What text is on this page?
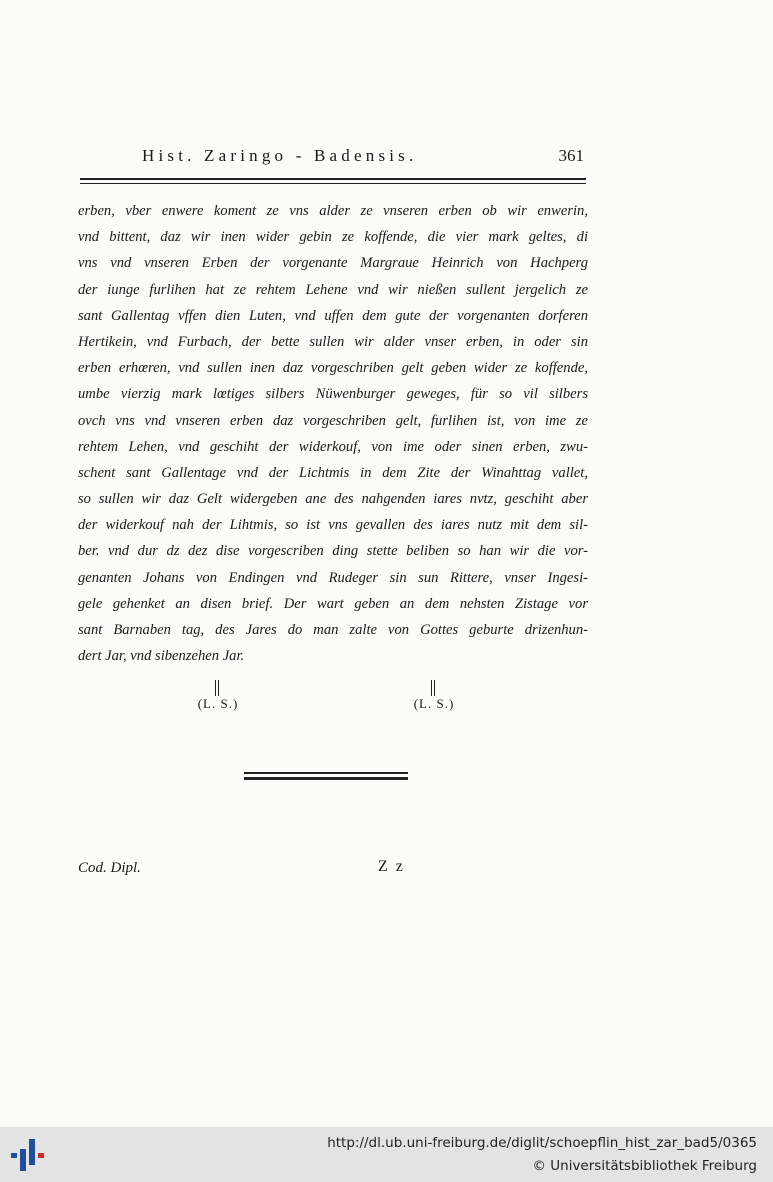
Hist. Zaringo - Badensis.	361
erben, vber enwere koment ze vns alder ze vnseren erben ob wir enwerin,
vnd bittent, daz wir inen wider gebin ze koffende, die vier mark geltes, di
vns vnd vnseren Erben der vorgenante Margraue Heinrich von Hachperg
der iunge furlihen hat ze rehtem Lehene vnd wir nießen sullent jergelich ze
sant Gallentag vffen dien Luten, vnd uffen dem gute der vorgenanten dorferen
Hertikein, vnd Furbach, der bette sullen wir alder vnser erben, in oder sin
erben erhœren, vnd sullen inen daz vorgeschriben gelt geben wider ze koffende,
umbe vierzig mark lœtiges silbers Nüwenburger geweges, für so vil silbers
ovch vns vnd vnseren erben daz vorgeschriben gelt, furlihen ist, von ime ze
rehtem Lehen, vnd geschiht der widerkouf, von ime oder sinen erben, zwu-
schent sant Gallentage vnd der Lichtmis in dem Zite der Winahttag vallet,
so sullen wir daz Gelt widergeben ane des nahgenden iares nvtz, geschiht aber
der widerkouf nah der Lihtmis, so ist vns gevallen des iares nutz mit dem sil-
ber. vnd dur dz dez dise vorgescriben ding stette beliben so han wir die vor-
genanten Johans von Endingen vnd Rudeger sin sun Rittere, vnser Ingesi-
gele gehenket an disen brief. Der wart geben an dem nehsten Zistage vor
sant Barnaben tag, des Jares do man zalte von Gottes geburte drizenhun-
dert Jar, vnd sibenzehen Jar.
(L. S.)	(L. S.)
Cod. Dipl.	Z z
http://dl.ub.uni-freiburg.de/diglit/schoepflin_hist_zar_bad5/0365
© Universitätsbibliothek Freiburg
